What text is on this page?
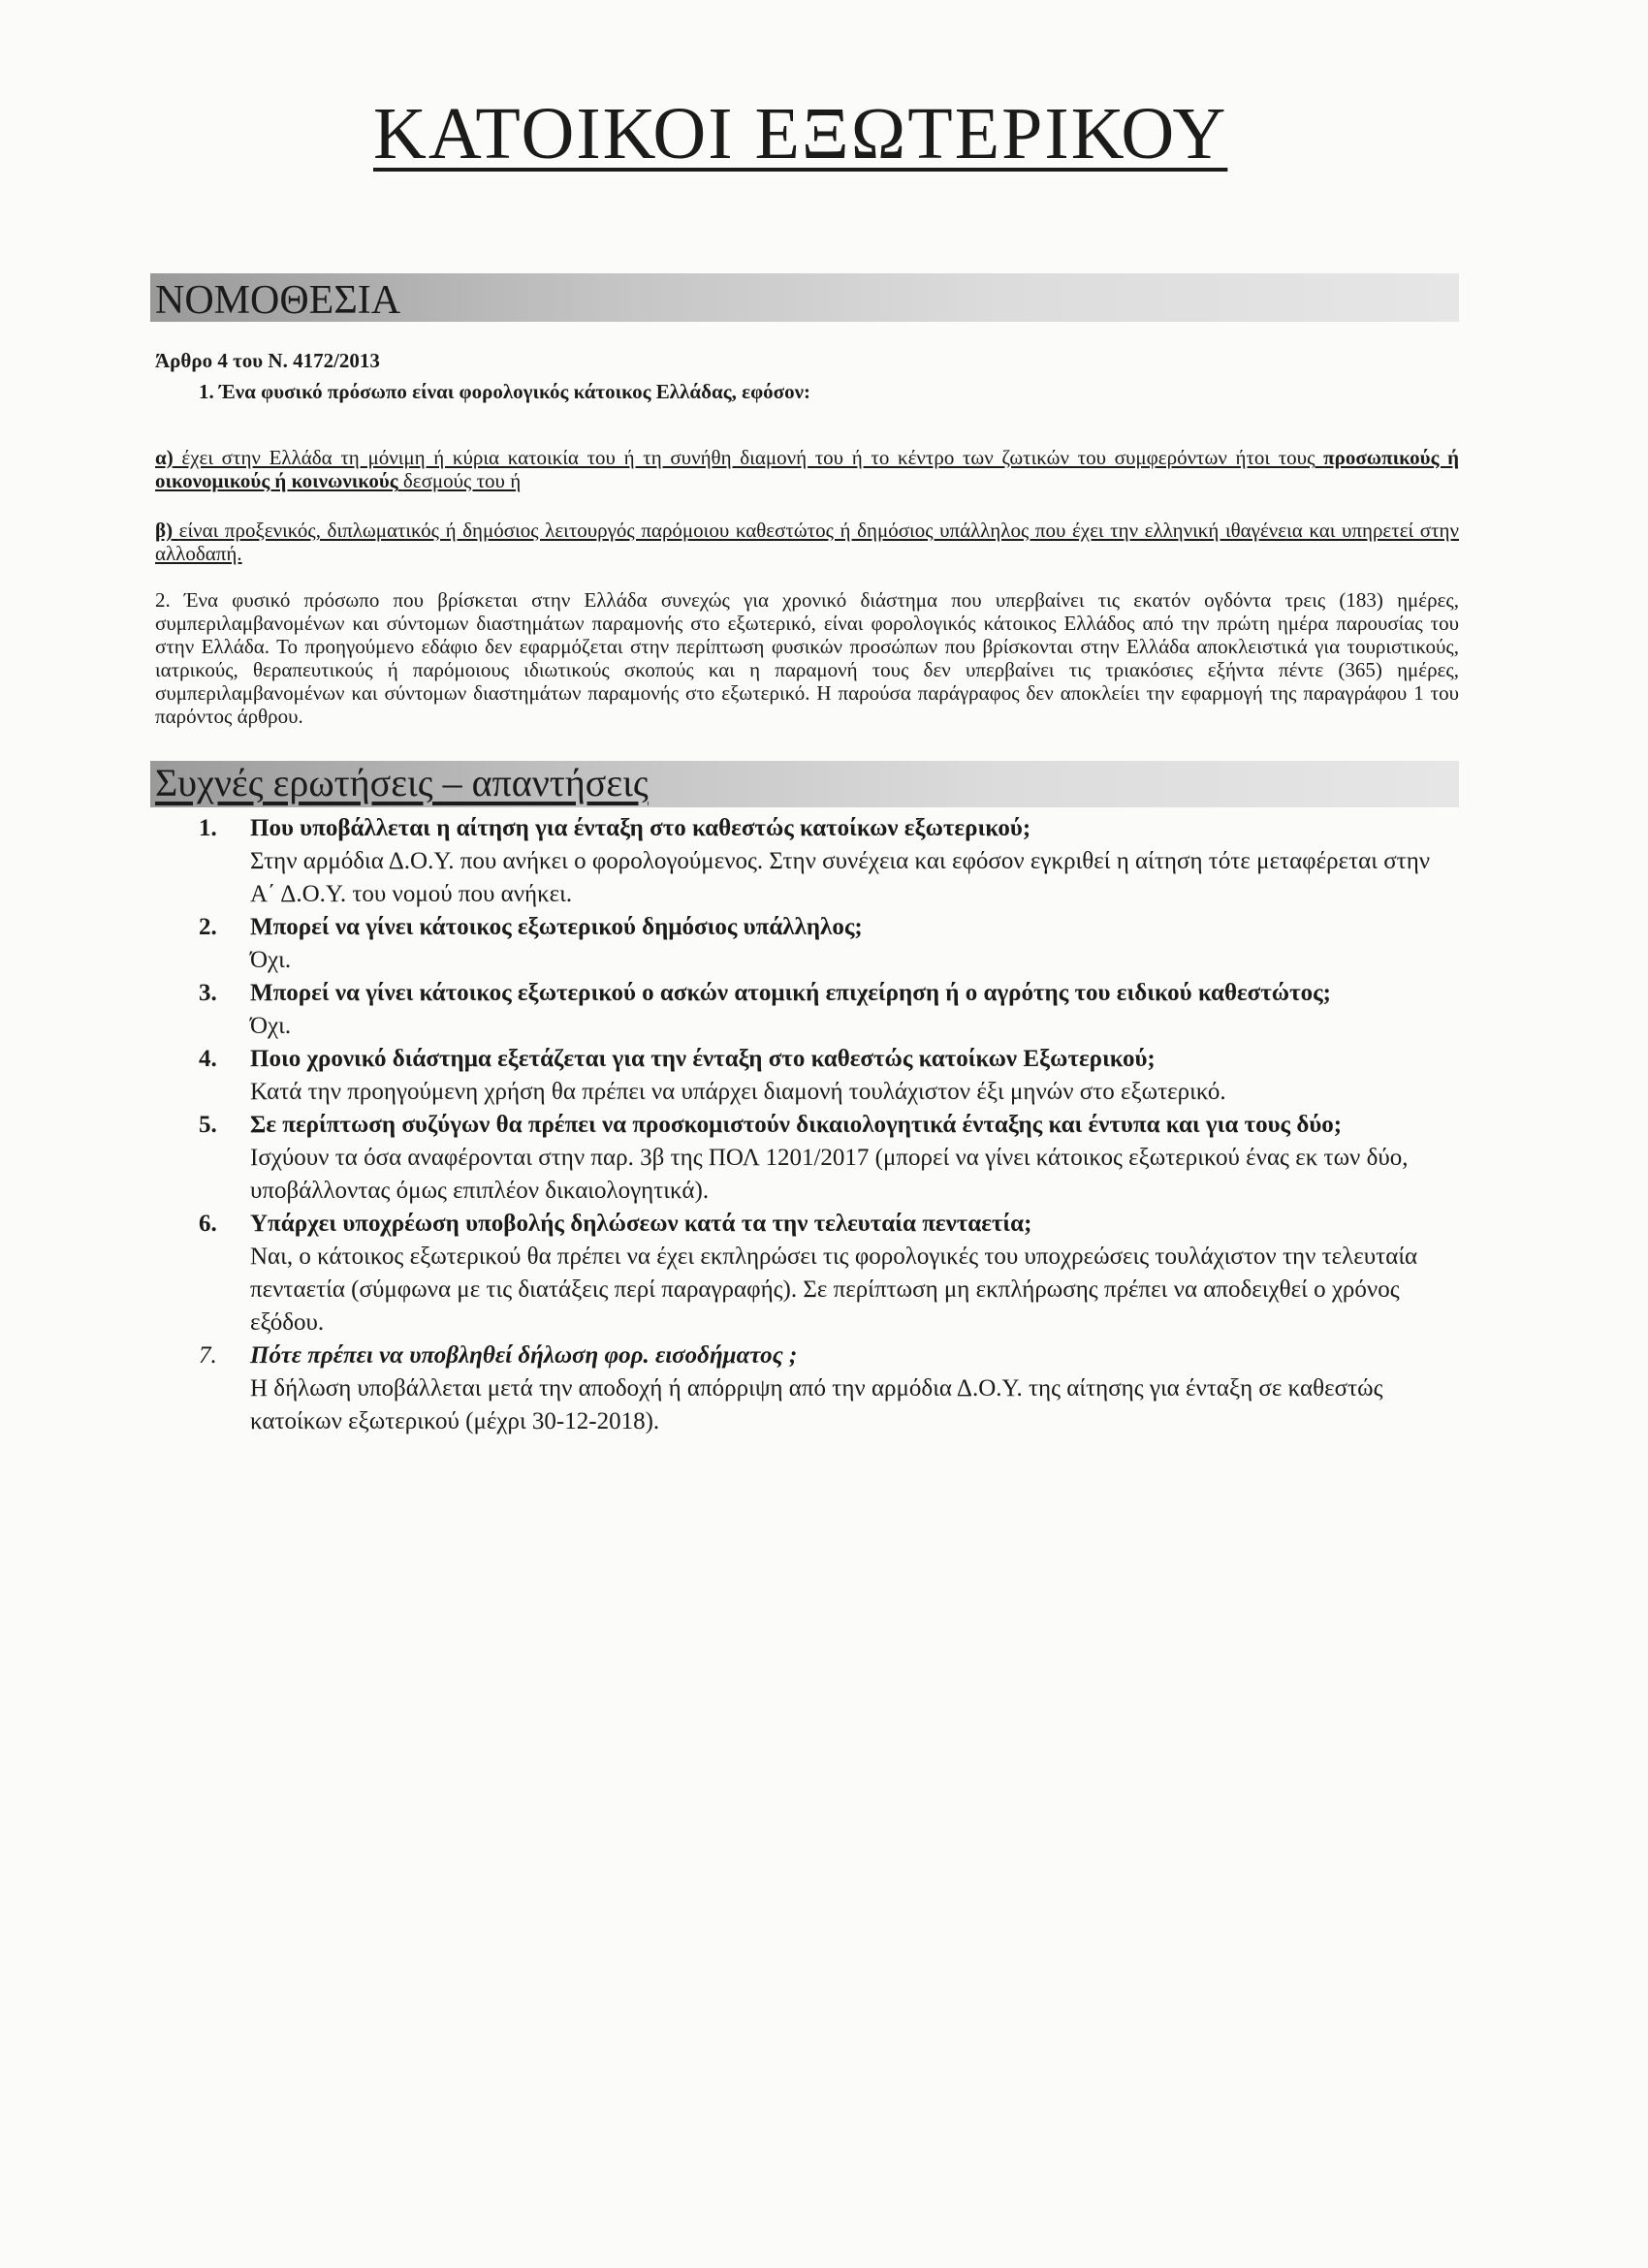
ΚΑΤΟΙΚΟΙ ΕΞΩΤΕΡΙΚΟΥ
ΝΟΜΟΘΕΣΙΑ
Άρθρο 4 του Ν. 4172/2013

1. Ένα φυσικό πρόσωπο είναι φορολογικός κάτοικος Ελλάδας, εφόσον:

α) έχει στην Ελλάδα τη μόνιμη ή κύρια κατοικία του ή τη συνήθη διαμονή του ή το κέντρο των ζωτικών του συμφερόντων ήτοι τους προσωπικούς ή οικονομικούς ή κοινωνικούς δεσμούς του ή

β) είναι προξενικός, διπλωματικός ή δημόσιος λειτουργός παρόμοιου καθεστώτος ή δημόσιος υπάλληλος που έχει την ελληνική ιθαγένεια και υπηρετεί στην αλλοδαπή.

2. Ένα φυσικό πρόσωπο που βρίσκεται στην Ελλάδα συνεχώς για χρονικό διάστημα που υπερβαίνει τις εκατόν ογδόντα τρεις (183) ημέρες, συμπεριλαμβανομένων και σύντομων διαστημάτων παραμονής στο εξωτερικό, είναι φορολογικός κάτοικος Ελλάδος από την πρώτη ημέρα παρουσίας του στην Ελλάδα. Το προηγούμενο εδάφιο δεν εφαρμόζεται στην περίπτωση φυσικών προσώπων που βρίσκονται στην Ελλάδα αποκλειστικά για τουριστικούς, ιατρικούς, θεραπευτικούς ή παρόμοιους ιδιωτικούς σκοπούς και η παραμονή τους δεν υπερβαίνει τις τριακόσιες εξήντα πέντε (365) ημέρες, συμπεριλαμβανομένων και σύντομων διαστημάτων παραμονής στο εξωτερικό. Η παρούσα παράγραφος δεν αποκλείει την εφαρμογή της παραγράφου 1 του παρόντος άρθρου.

Συχνές ερωτήσεις – απαντήσεις
1. Που υποβάλλεται η αίτηση για ένταξη στο καθεστώς κατοίκων εξωτερικού;
Στην αρμόδια Δ.Ο.Υ. που ανήκει ο φορολογούμενος. Στην συνέχεια και εφόσον εγκριθεί η αίτηση τότε μεταφέρεται στην Α΄ Δ.Ο.Υ. του νομού που ανήκει.
2. Μπορεί να γίνει κάτοικος εξωτερικού δημόσιος υπάλληλος;
Όχι.
3. Μπορεί να γίνει κάτοικος εξωτερικού ο ασκών ατομική επιχείρηση ή ο αγρότης του ειδικού καθεστώτος;
Όχι.
4. Ποιο χρονικό διάστημα εξετάζεται για την ένταξη στο καθεστώς κατοίκων Εξωτερικού;
Κατά την προηγούμενη χρήση θα πρέπει να υπάρχει διαμονή τουλάχιστον έξι μηνών στο εξωτερικό.
5. Σε περίπτωση συζύγων θα πρέπει να προσκομιστούν δικαιολογητικά ένταξης και έντυπα και για τους δύο;
Ισχύουν τα όσα αναφέρονται στην παρ. 3β της ΠΟΛ 1201/2017 (μπορεί να γίνει κάτοικος εξωτερικού ένας εκ των δύο, υποβάλλοντας όμως επιπλέον δικαιολογητικά).
6. Υπάρχει υποχρέωση υποβολής δηλώσεων κατά τα την τελευταία πενταετία;
Ναι, ο κάτοικος εξωτερικού θα πρέπει να έχει εκπληρώσει τις φορολογικές του υποχρεώσεις τουλάχιστον την τελευταία πενταετία (σύμφωνα με τις διατάξεις περί παραγραφής). Σε περίπτωση μη εκπλήρωσης πρέπει να αποδειχθεί ο χρόνος εξόδου.
7. Πότε πρέπει να υποβληθεί δήλωση φορ. εισοδήματος ;
Η δήλωση υποβάλλεται μετά την αποδοχή ή απόρριψη από την αρμόδια Δ.Ο.Υ. της αίτησης για ένταξη σε καθεστώς κατοίκων εξωτερικού (μέχρι 30-12-2018).
